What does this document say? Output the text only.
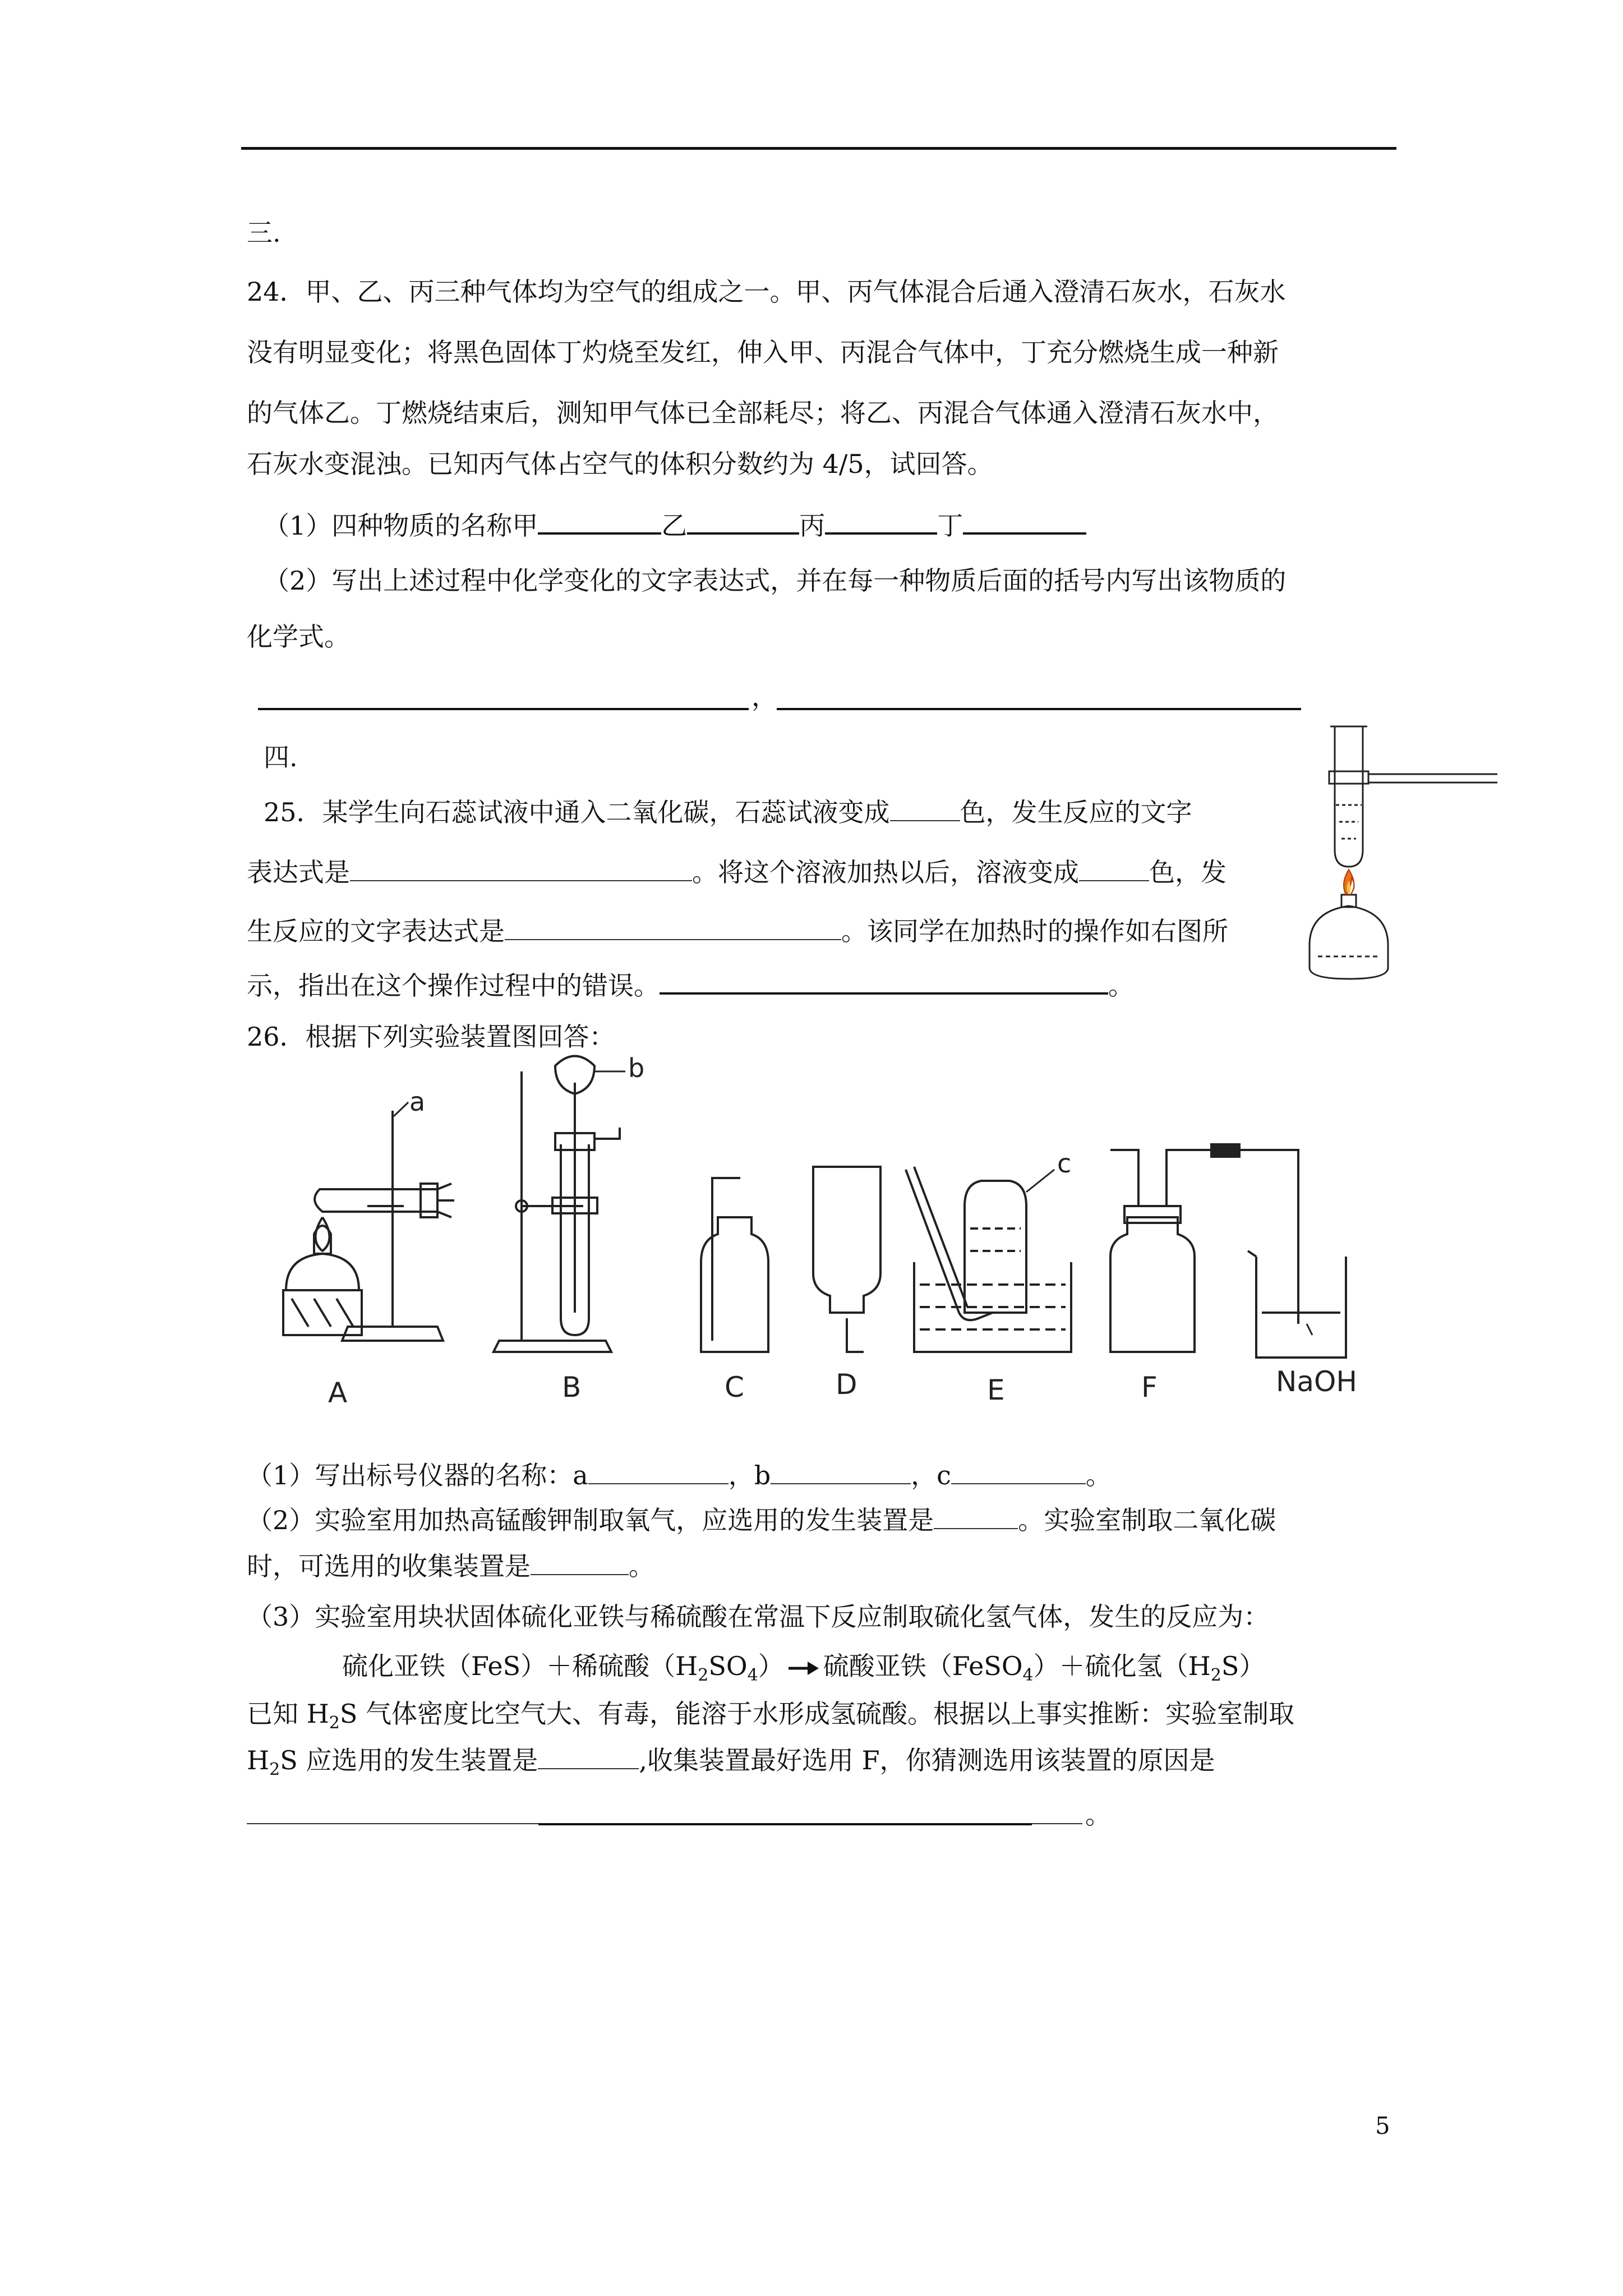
三.
24．甲、乙、丙三种气体均为空气的组成之一。甲、丙气体混合后通入澄清石灰水，石灰水
没有明显变化；将黑色固体丁灼烧至发红，伸入甲、丙混合气体中，丁充分燃烧生成一种新
的气体乙。丁燃烧结束后，测知甲气体已全部耗尽；将乙、丙混合气体通入澄清石灰水中，
石灰水变混浊。已知丙气体占空气的体积分数约为 4/5，试回答。
（1）四种物质的名称甲	乙	丙	丁
（2）写出上述过程中化学变化的文字表达式，并在每一种物质后面的括号内写出该物质的
化学式。
，
四.
25．某学生向石蕊试液中通入二氧化碳，石蕊试液变成	色，发生反应的文字
表达式是	。将这个溶液加热以后，溶液变成	色，发
生反应的文字表达式是	。该同学在加热时的操作如右图所
示，指出在这个操作过程中的错误。	。
26．根据下列实验装置图回答：
a
b
c
A	B	C	D	E	F	NaOH
（1）写出标号仪器的名称：a	，b	，c	。
（2）实验室用加热高锰酸钾制取氧气，应选用的发生装置是	。实验室制取二氧化碳
时，可选用的收集装置是	。
（3）实验室用块状固体硫化亚铁与稀硫酸在常温下反应制取硫化氢气体，发生的反应为：
硫化亚铁（FeS）＋稀硫酸$(H_2SO_4)$ 硫酸亚铁（FeSO$_4$）＋硫化氢$(H_2S)$
已知 $H_2S$ 气体密度比空气大、有毒，能溶于水形成氢硫酸。根据以上事实推断：实验室制取
$H_2S$ 应选用的发生装置是	,收集装置最好选用 F，你猜测选用该装置的原因是
。
5
